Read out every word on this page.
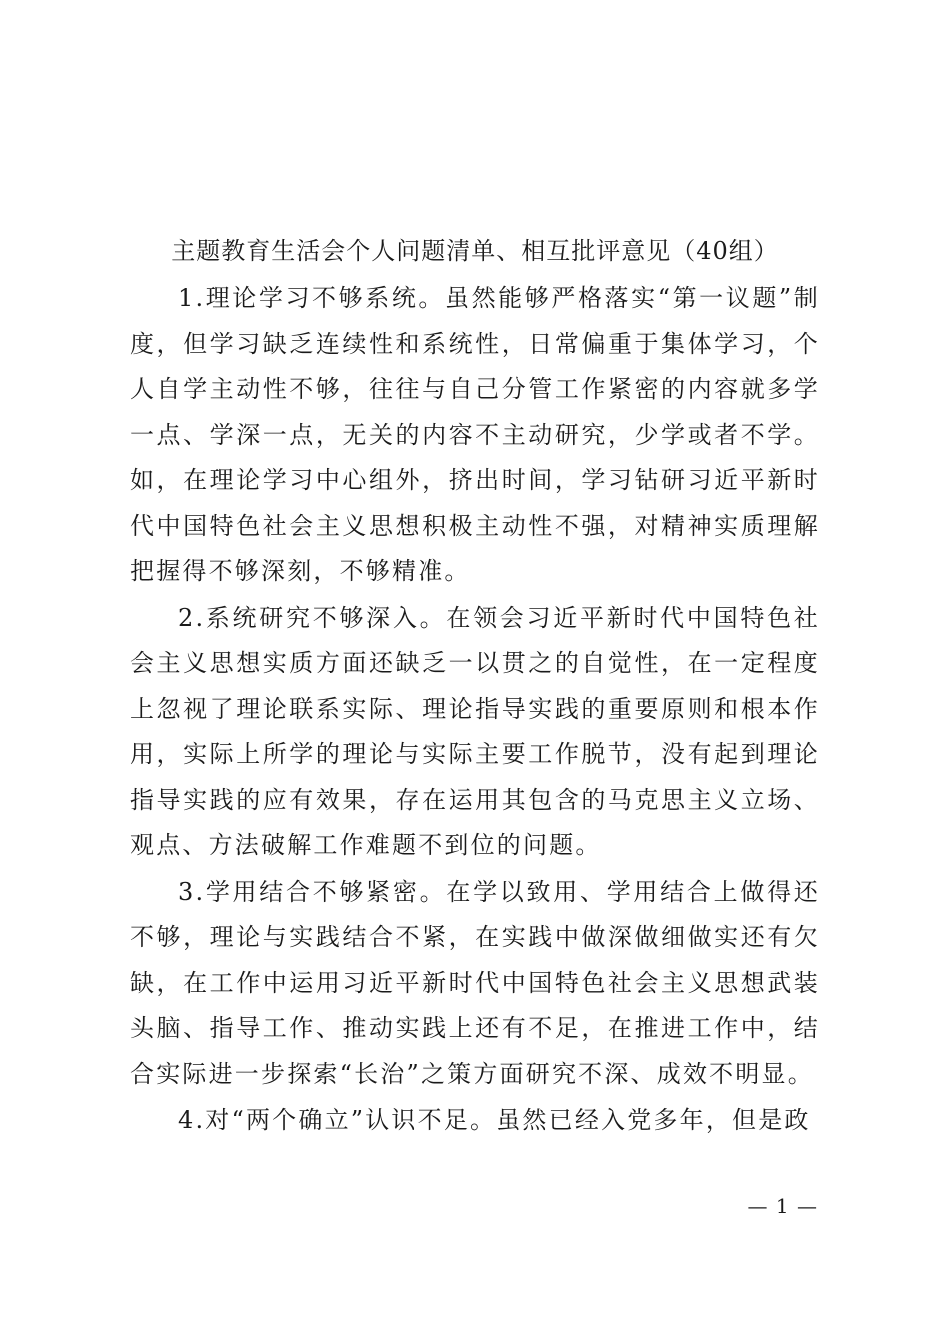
主题教育生活会个人问题清单、相互批评意见（40组）

1.理论学习不够系统。虽然能够严格落实“第一议题”制度，但学习缺乏连续性和系统性，日常偏重于集体学习，个人自学主动性不够，往往与自己分管工作紧密的内容就多学一点、学深一点，无关的内容不主动研究，少学或者不学。如，在理论学习中心组外，挤出时间，学习钻研习近平新时代中国特色社会主义思想积极主动性不强，对精神实质理解把握得不够深刻，不够精准。

2.系统研究不够深入。在领会习近平新时代中国特色社会主义思想实质方面还缺乏一以贯之的自觉性，在一定程度上忽视了理论联系实际、理论指导实践的重要原则和根本作用，实际上所学的理论与实际主要工作脱节，没有起到理论指导实践的应有效果，存在运用其包含的马克思主义立场、观点、方法破解工作难题不到位的问题。

3.学用结合不够紧密。在学以致用、学用结合上做得还不够，理论与实践结合不紧，在实践中做深做细做实还有欠缺，在工作中运用习近平新时代中国特色社会主义思想武装头脑、指导工作、推动实践上还有不足，在推进工作中，结合实际进一步探索“长治”之策方面研究不深、成效不明显。

4.对“两个确立”认识不足。虽然已经入党多年，但是政

— 1 —
